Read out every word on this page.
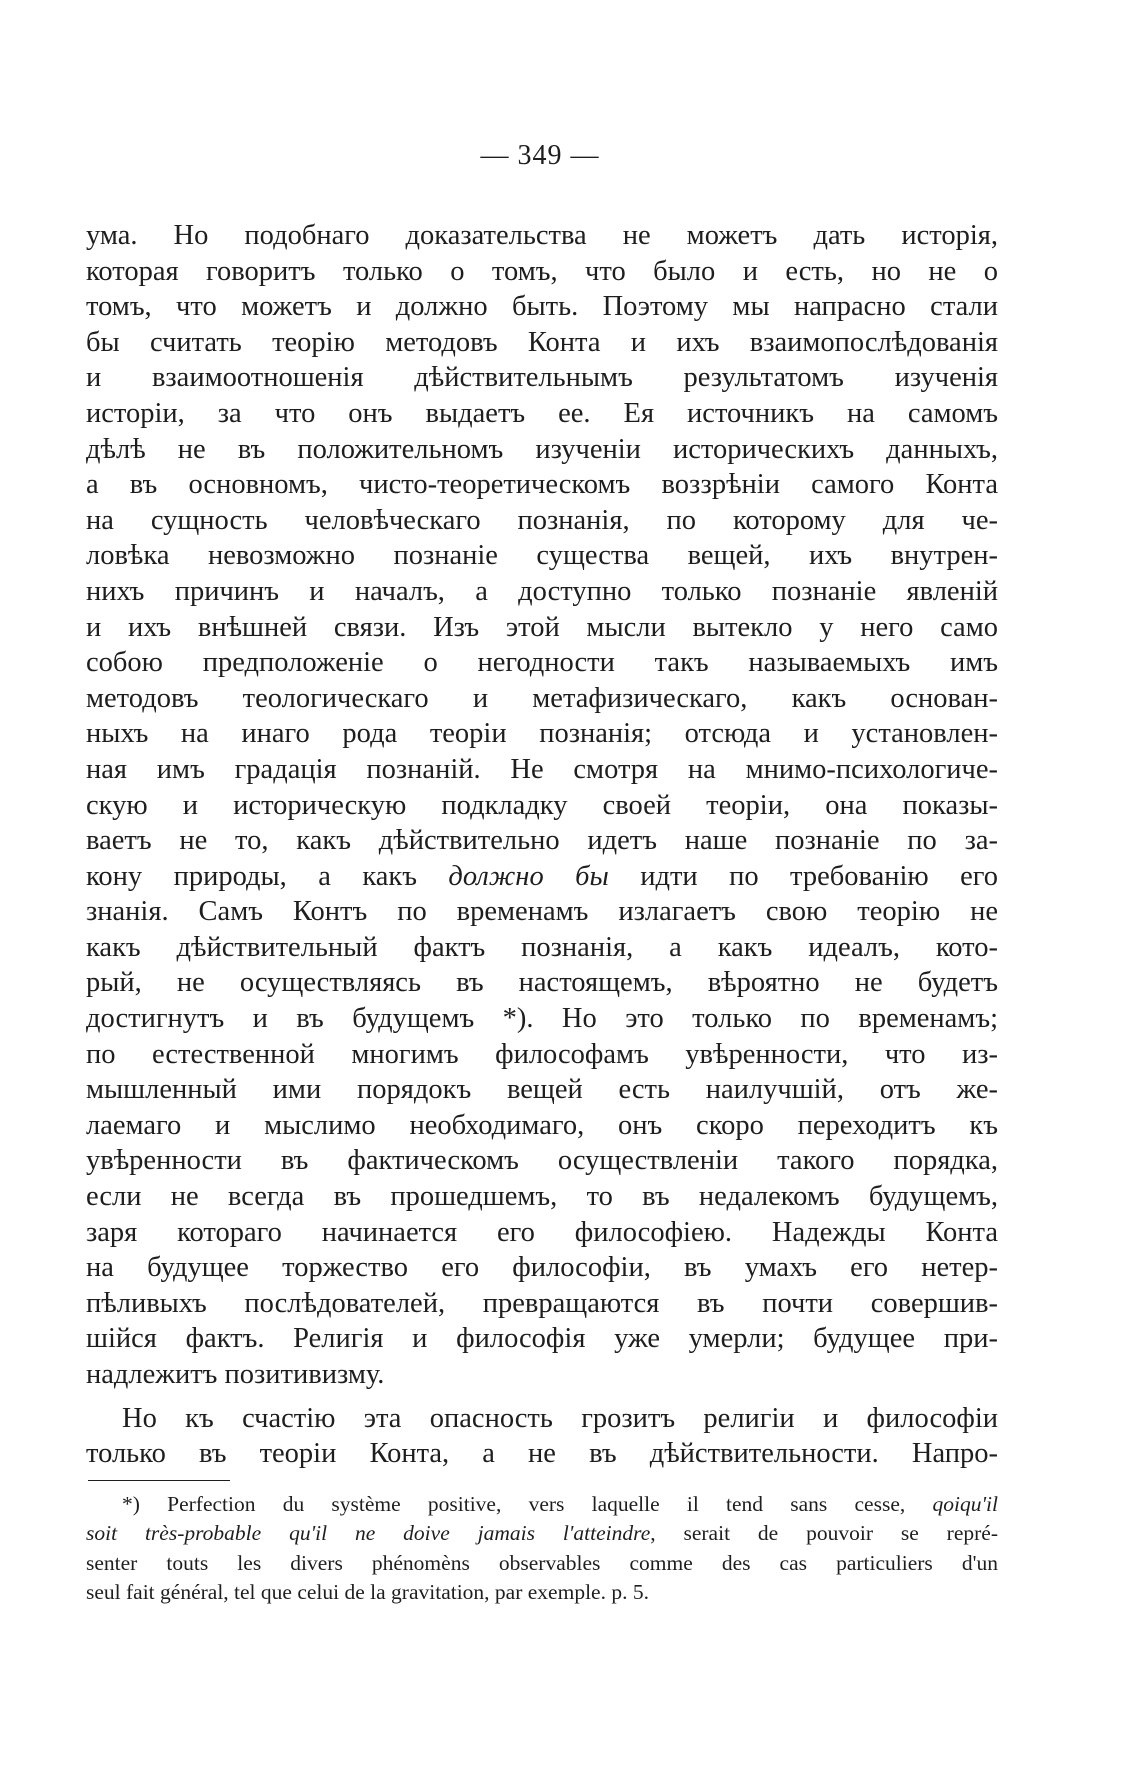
— 349 —
ума. Но подобнаго доказательства не можетъ дать исторія,
которая говоритъ только о томъ, что было и есть, но не о
томъ, что можетъ и должно быть. Поэтому мы напрасно стали
бы считать теорію методовъ Конта и ихъ взаимопослѣдованія
и взаимоотношенія дѣйствительнымъ результатомъ изученія
исторіи, за что онъ выдаетъ ее. Ея источникъ на самомъ
дѣлѣ не въ положительномъ изученіи историческихъ данныхъ,
а въ основномъ, чисто-теоретическомъ воззрѣніи самого Конта
на сущность человѣческаго познанія, по которому для че-
ловѣка невозможно познаніе существа вещей, ихъ внутрен-
нихъ причинъ и началъ, а доступно только познаніе явленій
и ихъ внѣшней связи. Изъ этой мысли вытекло у него само
собою предположеніе о негодности такъ называемыхъ имъ
методовъ теологическаго и метафизическаго, какъ основан-
ныхъ на инаго рода теоріи познанія; отсюда и установлен-
ная имъ градація познаній. Не смотря на мнимо-психологиче-
скую и историческую подкладку своей теоріи, она показы-
ваетъ не то, какъ дѣйствительно идетъ наше познаніе по за-
кону природы, а какъ должно бы идти по требованію его
знанія. Самъ Контъ по временамъ излагаетъ свою теорію не
какъ дѣйствительный фактъ познанія, а какъ идеалъ, кото-
рый, не осуществляясь въ настоящемъ, вѣроятно не будетъ
достигнутъ и въ будущемъ *). Но это только по временамъ;
по естественной многимъ философамъ увѣренности, что из-
мышленный ими порядокъ вещей есть наилучшій, отъ же-
лаемаго и мыслимо необходимаго, онъ скоро переходитъ къ
увѣренности въ фактическомъ осуществленіи такого порядка,
если не всегда въ прошедшемъ, то въ недалекомъ будущемъ,
заря котораго начинается его философіею. Надежды Конта
на будущее торжество его философіи, въ умахъ его нетер-
пѣливыхъ послѣдователей, превращаются въ почти совершив-
шійся фактъ. Религія и философія уже умерли; будущее при-
надлежитъ позитивизму.
Но къ счастію эта опасность грозитъ религіи и философіи
только въ теоріи Конта, а не въ дѣйствительности. Напро-
*) Perfection du système positive, vers laquelle il tend sans cesse, qoiqu'il
soit très-probable qu'il ne doive jamais l'atteindre, serait de pouvoir se repré-
senter touts les divers phénomèns observables comme des cas particuliers d'un
seul fait général, tel que celui de la gravitation, par exemple. p. 5.
